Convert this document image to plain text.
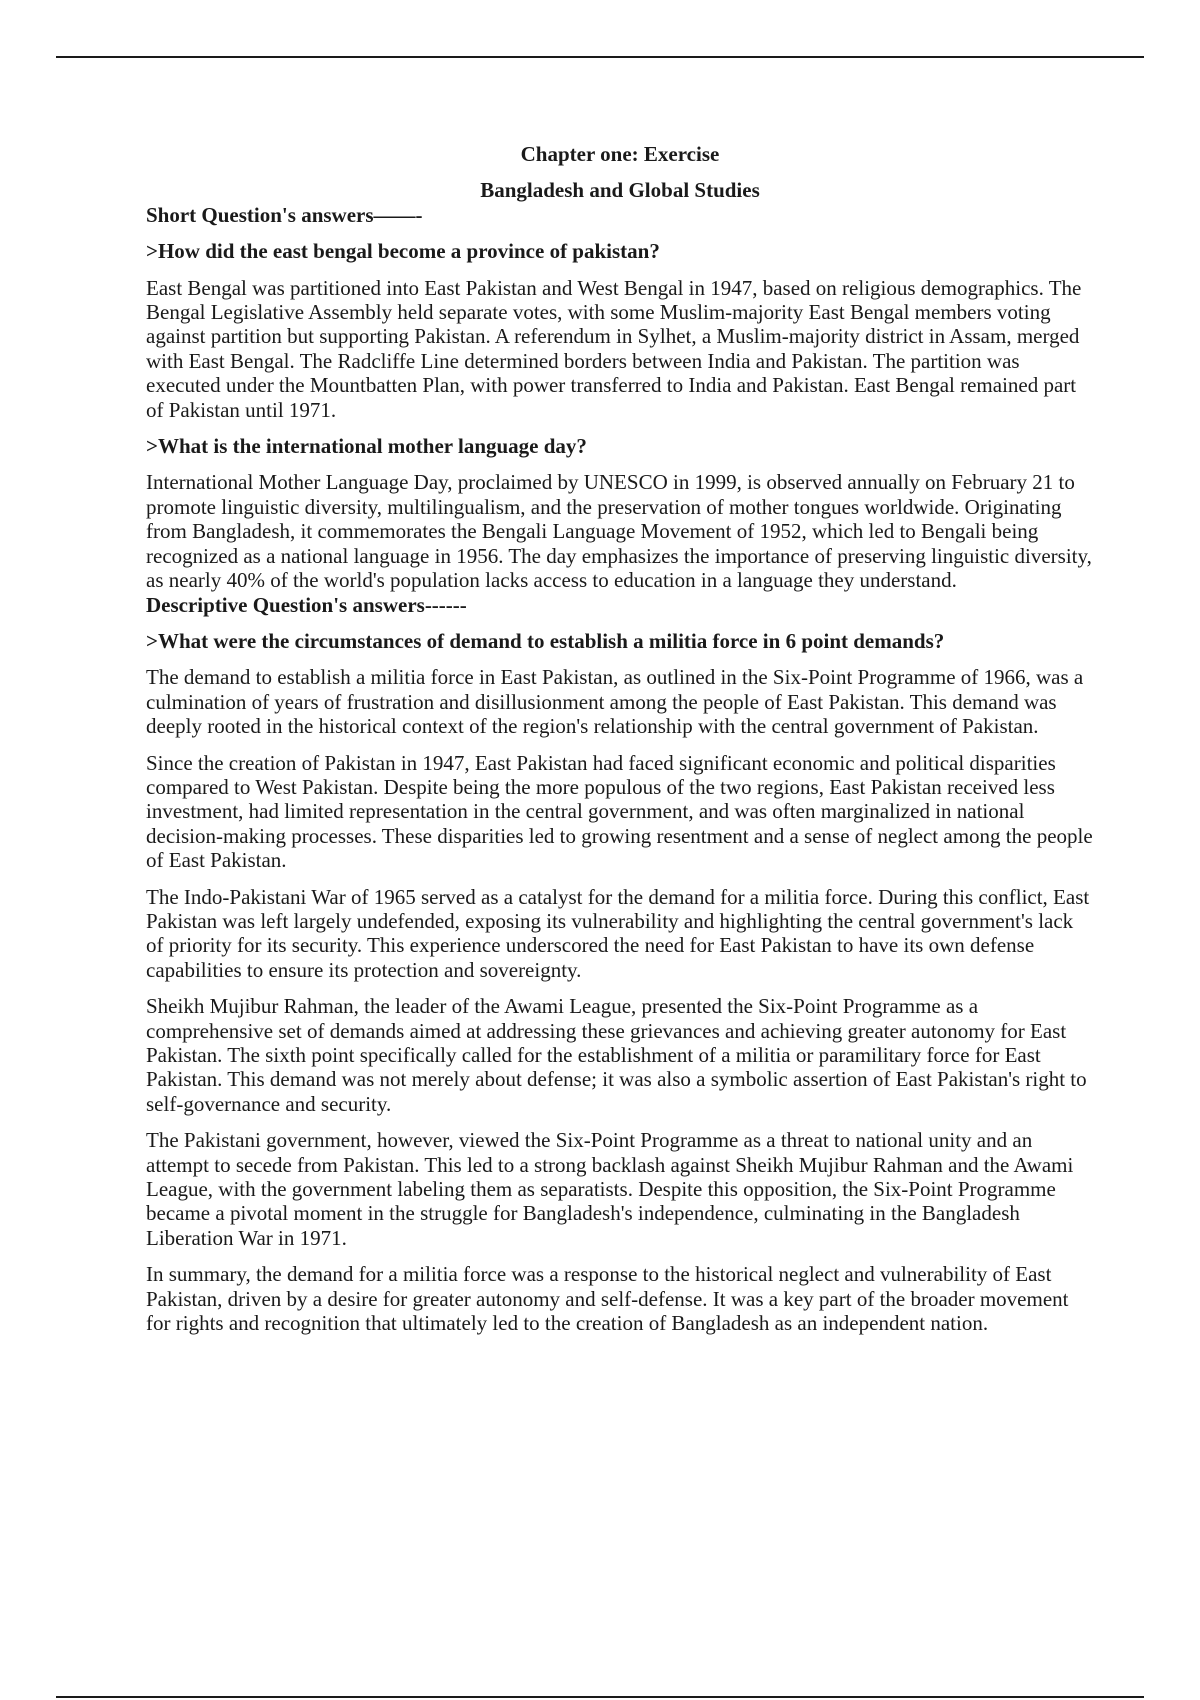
Chapter one: Exercise

Bangladesh and Global Studies

Short Question's answers——-

>How did the east bengal become a province of pakistan?

East Bengal was partitioned into East Pakistan and West Bengal in 1947, based on religious demographics. The Bengal Legislative Assembly held separate votes, with some Muslim-majority East Bengal members voting against partition but supporting Pakistan. A referendum in Sylhet, a Muslim-majority district in Assam, merged with East Bengal. The Radcliffe Line determined borders between India and Pakistan. The partition was executed under the Mountbatten Plan, with power transferred to India and Pakistan. East Bengal remained part of Pakistan until 1971.

>What is the international mother language day?

International Mother Language Day, proclaimed by UNESCO in 1999, is observed annually on February 21 to promote linguistic diversity, multilingualism, and the preservation of mother tongues worldwide. Originating from Bangladesh, it commemorates the Bengali Language Movement of 1952, which led to Bengali being recognized as a national language in 1956. The day emphasizes the importance of preserving linguistic diversity, as nearly 40% of the world's population lacks access to education in a language they understand.

Descriptive Question's answers------

>What were the circumstances of demand to establish a militia force in 6 point demands?

The demand to establish a militia force in East Pakistan, as outlined in the Six-Point Programme of 1966, was a culmination of years of frustration and disillusionment among the people of East Pakistan. This demand was deeply rooted in the historical context of the region's relationship with the central government of Pakistan.

Since the creation of Pakistan in 1947, East Pakistan had faced significant economic and political disparities compared to West Pakistan. Despite being the more populous of the two regions, East Pakistan received less investment, had limited representation in the central government, and was often marginalized in national decision-making processes. These disparities led to growing resentment and a sense of neglect among the people of East Pakistan.

The Indo-Pakistani War of 1965 served as a catalyst for the demand for a militia force. During this conflict, East Pakistan was left largely undefended, exposing its vulnerability and highlighting the central government's lack of priority for its security. This experience underscored the need for East Pakistan to have its own defense capabilities to ensure its protection and sovereignty.

Sheikh Mujibur Rahman, the leader of the Awami League, presented the Six-Point Programme as a comprehensive set of demands aimed at addressing these grievances and achieving greater autonomy for East Pakistan. The sixth point specifically called for the establishment of a militia or paramilitary force for East Pakistan. This demand was not merely about defense; it was also a symbolic assertion of East Pakistan's right to self-governance and security.

The Pakistani government, however, viewed the Six-Point Programme as a threat to national unity and an attempt to secede from Pakistan. This led to a strong backlash against Sheikh Mujibur Rahman and the Awami League, with the government labeling them as separatists. Despite this opposition, the Six-Point Programme became a pivotal moment in the struggle for Bangladesh's independence, culminating in the Bangladesh Liberation War in 1971.

In summary, the demand for a militia force was a response to the historical neglect and vulnerability of East Pakistan, driven by a desire for greater autonomy and self-defense. It was a key part of the broader movement for rights and recognition that ultimately led to the creation of Bangladesh as an independent nation.
